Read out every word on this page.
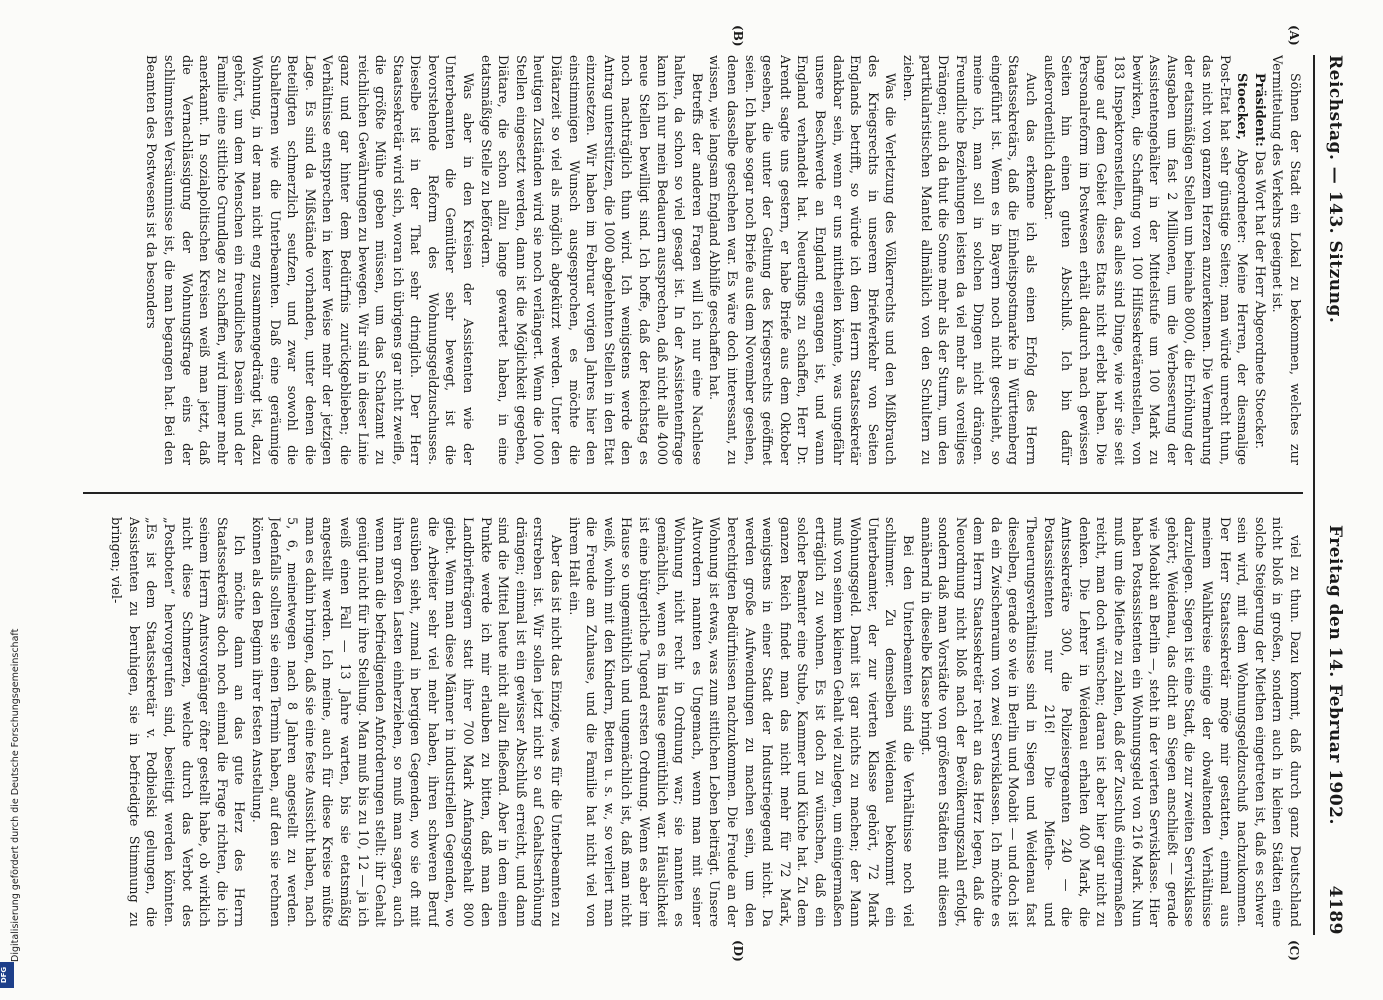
Reichstag. — 143. Sitzung.
Freitag den 14. Februar 1902.
4189
(A)
(B)
(C)
(D)

Söhnen der Stadt ein Lokal zu bekommen, welches zur Vermittelung des Verkehrs geeignet ist.

Präsident: Das Wort hat der Herr Abgeordnete Stoecker.

Stoecker, Abgeordneter: Meine Herren, der diesmalige Post-Etat hat sehr günstige Seiten; man würde unrecht thun, das nicht von ganzem Herzen anzuerkennen. Die Vermehrung der etatsmäßigen Stellen um beinahe 8000, die Erhöhung der Ausgaben um fast 2 Millionen, um die Verbesserung der Assistentengehälter in der Mittelstufe um 100 Mark zu bewirken, die Schaffung von 100 Hilfssekretärenstellen, von 183 Inspektorenstellen, das alles sind Dinge, wie wir sie seit lange auf dem Gebiet dieses Etats nicht erlebt haben. Die Personalreform im Postwesen erhält dadurch nach gewissen Seiten hin einen guten Abschluß. Ich bin dafür außerordentlich dankbar.

Auch das erkenne ich als einen Erfolg des Herrn Staatssekretärs, daß die Einheitspostmarke in Württemberg eingeführt ist. Wenn es in Bayern noch nicht geschieht, so meine ich, man soll in solchen Dingen nicht drängen. Freundliche Beziehungen leisten da viel mehr als voreiliges Drängen; auch da thut die Sonne mehr als der Sturm, um den partikularistischen Mantel allmählich von den Schultern zu ziehen.

Was die Verletzung des Völkerrechts und den Mißbrauch des Kriegsrechts in unserem Briefverkehr von Seiten Englands betrifft, so würde ich dem Herrn Staatssekretär dankbar sein, wenn er uns mittheilen könnte, was ungefähr unsere Beschwerde an England ergangen ist, und wann England verhandelt hat. Neuerdings zu schaffen, Herr Dr. Arendt sagte uns gestern, er habe Briefe aus dem Oktober gesehen, die unter der Geltung des Kriegsrechts geöffnet seien. Ich habe sogar noch Briefe aus dem November gesehen, denen dasselbe geschehen war. Es wäre doch interessant, zu wissen, wie langsam England Abhilfe geschaffen hat.

Betreffs der anderen Fragen will ich nur eine Nachlese halten, da schon so viel gesagt ist. In der Assistentenfrage kann ich nur mein Bedauern aussprechen, daß nicht alle 4000 neue Stellen bewilligt sind. Ich hoffe, daß der Reichstag es noch nachträglich thun wird. Ich wenigstens werde den Antrag unterstützen, die 1000 abgelehnten Stellen in den Etat einzusetzen. Wir haben im Februar vorigen Jahres hier den einstimmigen Wunsch ausgesprochen, es möchte die Diätarzeit so viel als möglich abgekürzt werden. Unter den heutigen Zuständen wird sie noch verlängert. Wenn die 1000 Stellen eingesetzt werden, dann ist die Möglichkeit gegeben, Diätare, die schon allzu lange gewartet haben, in eine etatsmäßige Stelle zu befördern.

Was aber in den Kreisen der Assistenten wie der Unterbeamten die Gemüther sehr bewegt, ist die bevorstehende Reform des Wohnungsgeldzuschusses. Dieselbe ist in der That sehr dringlich. Der Herr Staatssekretär wird sich, woran ich übrigens gar nicht zweifle, die größte Mühe geben müssen, um das Schatzamt zu reichlichen Gewährungen zu bewegen. Wir sind in dieser Linie ganz und gar hinter dem Bedürfnis zurückgeblieben; die Verhältnisse entsprechen in keiner Weise mehr der jetzigen Lage. Es sind da Mißstände vorhanden, unter denen die Beteiligten schmerzlich seufzen, und zwar sowohl die Subalternen wie die Unterbeamten. Daß eine geräumige Wohnung, in der man nicht eng zusammengedrängt ist, dazu gehört, um dem Menschen ein freundliches Dasein und der Familie eine sittliche Grundlage zu schaffen, wird immer mehr anerkannt. In sozialpolitischen Kreisen weiß man jetzt, daß die Vernachlässigung der Wohnungsfrage eins der schlimmsten Versäumnisse ist, die man begangen hat. Bei den Beamten des Postwesens ist da besonders

viel zu thun. Dazu kommt, daß durch ganz Deutschland nicht bloß in großen, sondern auch in kleinen Städten eine solche Steigerung der Miethen eingetreten ist, daß es schwer sein wird, mit dem Wohnungsgeldzuschuß nachzukommen. Der Herr Staatssekretär möge mir gestatten, einmal aus meinem Wahlkreise einige der obwaltenden Verhältnisse darzulegen. Siegen ist eine Stadt, die zur zweiten Servisklasse gehört; Weidenau, das dicht an Siegen anschließt — gerade wie Moabit an Berlin —, steht in der vierten Servisklasse. Hier haben Postassistenten ein Wohnungsgeld von 216 Mark. Nun muß um die Miethe zu zahlen, daß der Zuschuß einigermaßen reicht, man doch wünschen; daran ist aber hier gar nicht zu denken. Die Lehrer in Weidenau erhalten 400 Mark, die Amtssekretäre 300, die Polizeisergeanten 240 — die Postassistenten nur 216! Die Miethe- und Theuerungsverhältnisse sind in Siegen und Weidenau fast dieselben, gerade so wie in Berlin und Moabit — und doch ist da ein Zwischenraum von zwei Servisklassen. Ich möchte es dem Herrn Staatssekretär recht an das Herz legen, daß die Neuordnung nicht bloß nach der Bevölkerungszahl erfolgt, sondern daß man Vorstädte von größeren Städten mit diesen annähernd in dieselbe Klasse bringt.

Bei den Unterbeamten sind die Verhältnisse noch viel schlimmer. Zu demselben Weidenau bekommt ein Unterbeamter, der zur vierten Klasse gehört, 72 Mark Wohnungsgeld. Damit ist gar nichts zu machen; der Mann muß von seinem kleinen Gehalt viel zulegen, um einigermaßen erträglich zu wohnen. Es ist doch zu wünschen, daß ein solcher Beamter eine Stube, Kammer und Küche hat. Zu dem ganzen Reich findet man das nicht mehr für 72 Mark, wenigstens in einer Stadt der Industriegegend nicht. Da werden große Aufwendungen zu machen sein, um den berechtigten Bedürfnissen nachzukommen. Die Freude an der Wohnung ist etwas, was zum sittlichen Leben beiträgt. Unsere Altvordern nannten es Ungemach, wenn man mit seiner Wohnung nicht recht in Ordnung war; sie nannten es gemächlich, wenn es im Hause gemüthlich war. Häuslichkeit ist eine bürgerliche Tugend ersten Ordnung. Wenn es aber im Hause so ungemüthlich und ungemächlich ist, daß man nicht weiß, wohin mit den Kindern, Betten u. s. w., so verliert man die Freude am Zuhause, und die Familie hat nicht viel von ihrem Halt ein.

Aber das ist nicht das Einzige, was für die Unterbeamten zu erstreben ist. Wir sollen jetzt nicht so auf Gehaltserhöhung drängen; einmal ist ein gewisser Abschluß erreicht, und dann sind die Mittel heute nicht allzu fließend. Aber in dem einen Punkte werde ich mir erlauben zu bitten, daß man den Landbriefträgern statt ihrer 700 Mark Anfangsgehalt 800 giebt. Wenn man diese Männer in industriellen Gegenden, wo die Arbeiter sehr viel mehr haben, ihren schweren Beruf ausüben sieht, zumal in bergigen Gegenden, wo sie oft mit ihren großen Lasten einherziehen, so muß man sagen, auch wenn man die befriedigenden Anforderungen stellt: ihr Gehalt genügt nicht für ihre Stellung. Man muß bis zu 10, 12 — ja ich weiß einen Fall — 13 Jahre warten, bis sie etatsmäßig angestellt werden. Ich meine, auch für diese Kreise müßte man es dahin bringen, daß sie eine feste Aussicht haben, nach 5, 6, meinetwegen nach 8 Jahren angestellt zu werden. Jedenfalls sollten sie einen Termin haben, auf den sie rechnen können als den Beginn ihrer festen Anstellung.

Ich möchte dann an das gute Herz des Herrn Staatssekretärs doch noch einmal die Frage richten, die ich seinem Herrn Amtsvorgänger öfter gestellt habe, ob wirklich nicht diese Schmerzen, welche durch das Verbot des „Postboten“ hervorgerufen sind, beseitigt werden könnten. „Es ist dem Staatssekretär v. Podbielski gelungen, die Assistenten zu beruhigen, sie in befriedigte Stimmung zu bringen; viel-

Digitalisierung gefördert durch die Deutsche Forschungsgemeinschaft
DFG
